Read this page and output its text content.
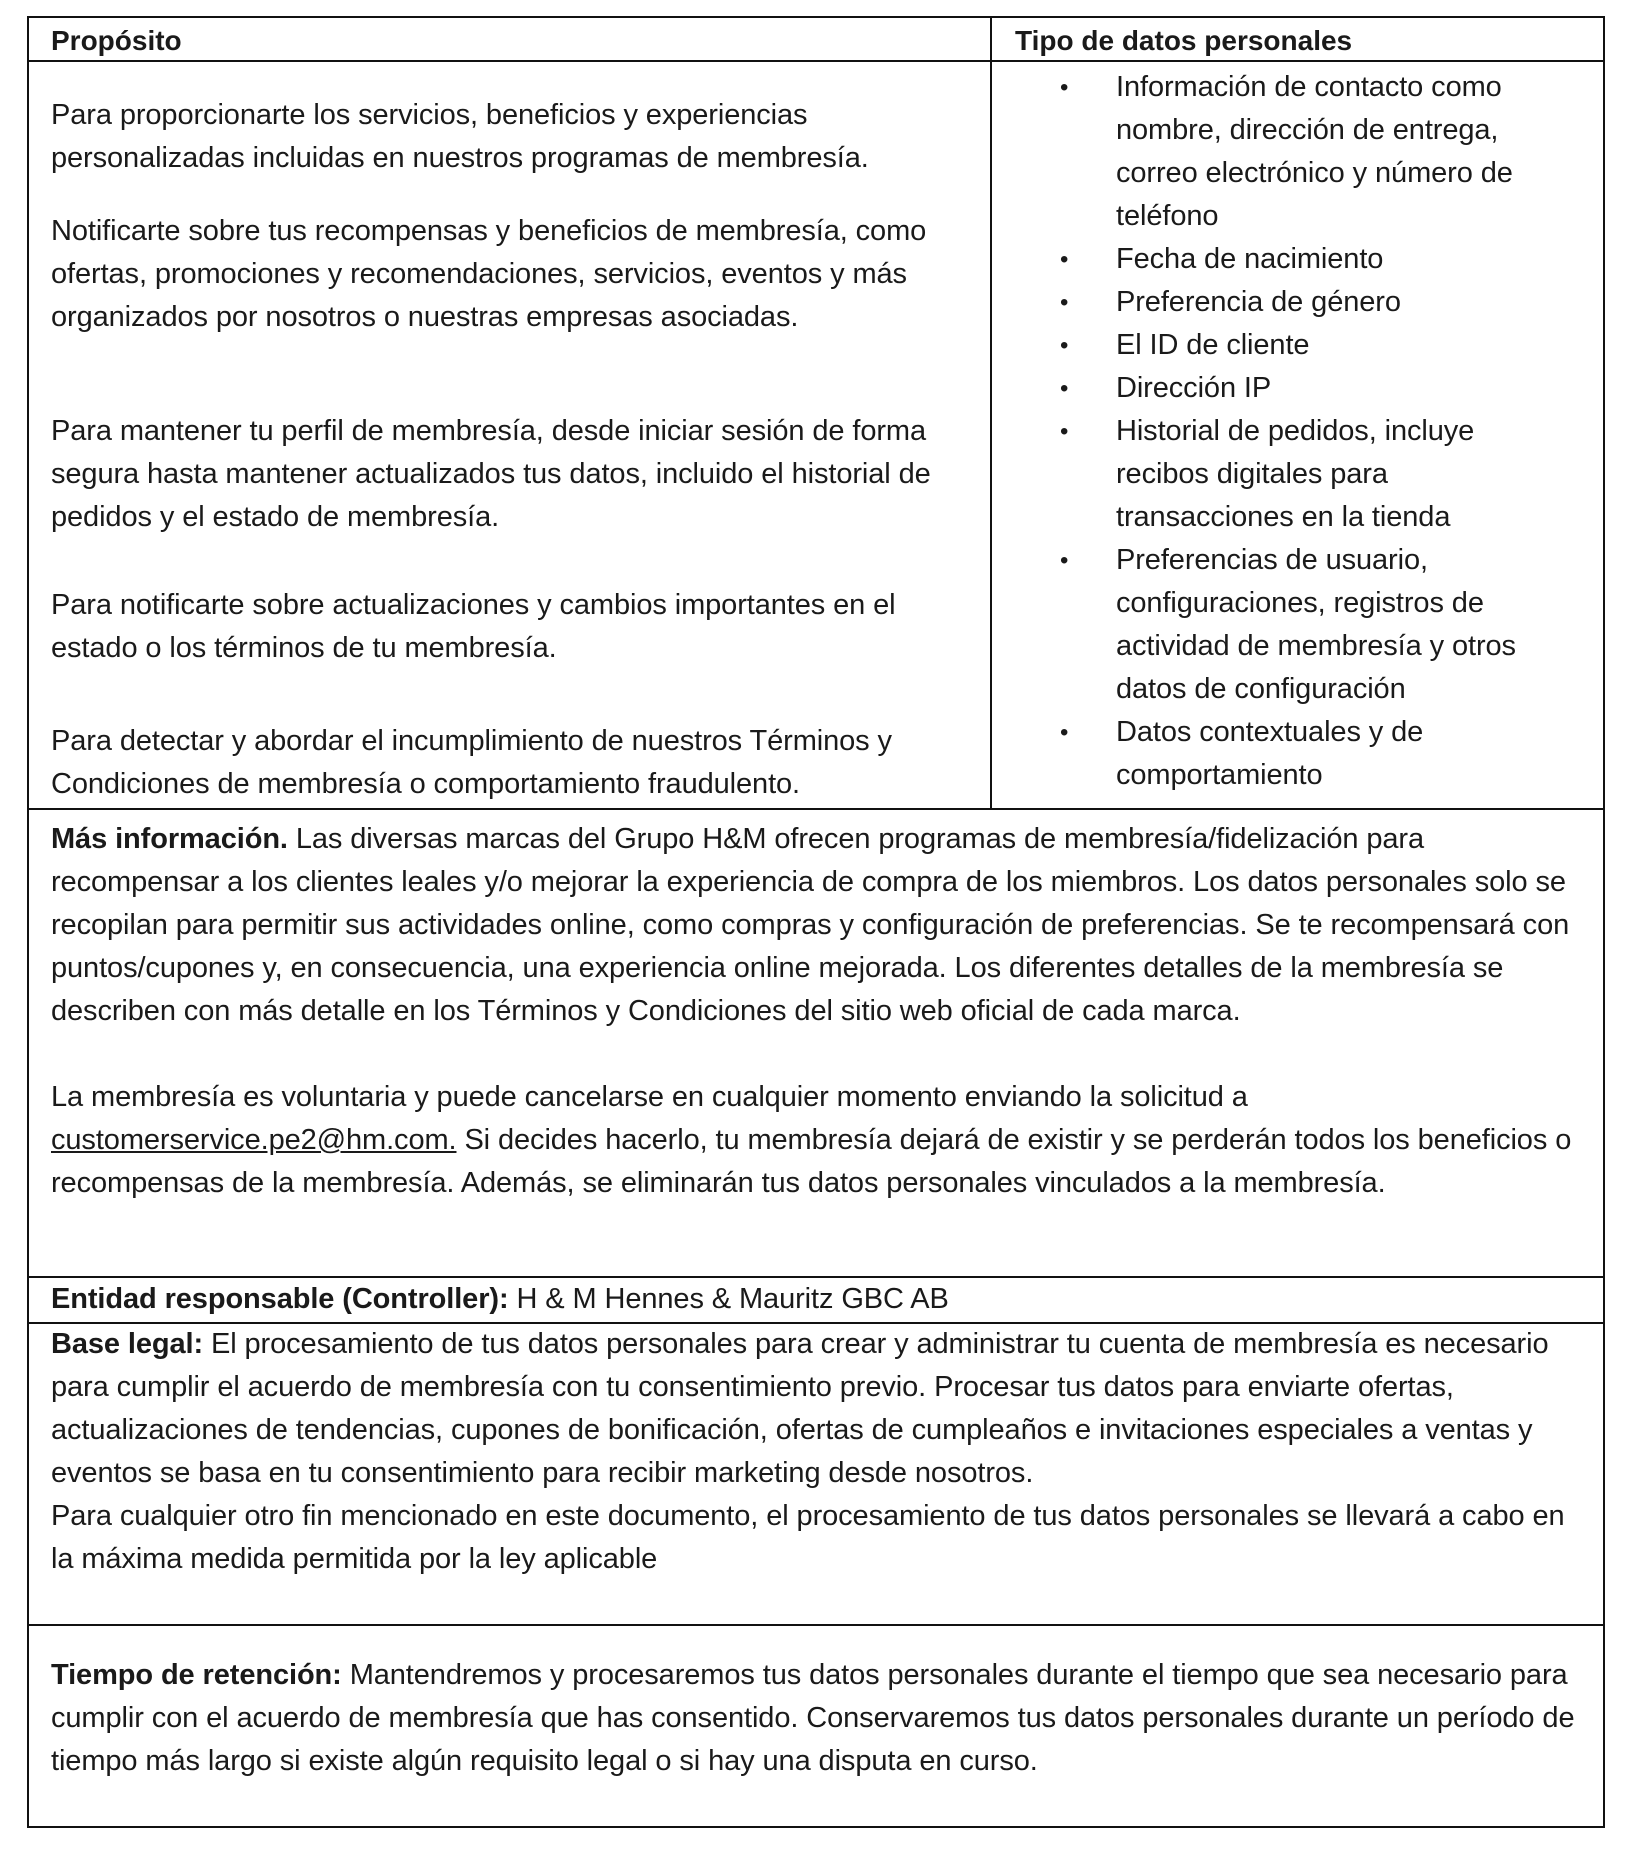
Propósito	Tipo de datos personales

Para proporcionarte los servicios, beneficios y experiencias personalizadas incluidas en nuestros programas de membresía.

Notificarte sobre tus recompensas y beneficios de membresía, como ofertas, promociones y recomendaciones, servicios, eventos y más organizados por nosotros o nuestras empresas asociadas.

Para mantener tu perfil de membresía, desde iniciar sesión de forma segura hasta mantener actualizados tus datos, incluido el historial de pedidos y el estado de membresía.

Para notificarte sobre actualizaciones y cambios importantes en el estado o los términos de tu membresía.

Para detectar y abordar el incumplimiento de nuestros Términos y Condiciones de membresía o comportamiento fraudulento.

• Información de contacto como nombre, dirección de entrega, correo electrónico y número de teléfono
• Fecha de nacimiento
• Preferencia de género
• El ID de cliente
• Dirección IP
• Historial de pedidos, incluye recibos digitales para transacciones en la tienda
• Preferencias de usuario, configuraciones, registros de actividad de membresía y otros datos de configuración
• Datos contextuales y de comportamiento

Más información. Las diversas marcas del Grupo H&M ofrecen programas de membresía/fidelización para recompensar a los clientes leales y/o mejorar la experiencia de compra de los miembros. Los datos personales solo se recopilan para permitir sus actividades online, como compras y configuración de preferencias. Se te recompensará con puntos/cupones y, en consecuencia, una experiencia online mejorada. Los diferentes detalles de la membresía se describen con más detalle en los Términos y Condiciones del sitio web oficial de cada marca.

La membresía es voluntaria y puede cancelarse en cualquier momento enviando la solicitud a customerservice.pe2@hm.com. Si decides hacerlo, tu membresía dejará de existir y se perderán todos los beneficios o recompensas de la membresía. Además, se eliminarán tus datos personales vinculados a la membresía.

Entidad responsable (Controller): H & M Hennes & Mauritz GBC AB

Base legal: El procesamiento de tus datos personales para crear y administrar tu cuenta de membresía es necesario para cumplir el acuerdo de membresía con tu consentimiento previo. Procesar tus datos para enviarte ofertas, actualizaciones de tendencias, cupones de bonificación, ofertas de cumpleaños e invitaciones especiales a ventas y eventos se basa en tu consentimiento para recibir marketing desde nosotros.

Para cualquier otro fin mencionado en este documento, el procesamiento de tus datos personales se llevará a cabo en la máxima medida permitida por la ley aplicable

Tiempo de retención: Mantendremos y procesaremos tus datos personales durante el tiempo que sea necesario para cumplir con el acuerdo de membresía que has consentido. Conservaremos tus datos personales durante un período de tiempo más largo si existe algún requisito legal o si hay una disputa en curso.
